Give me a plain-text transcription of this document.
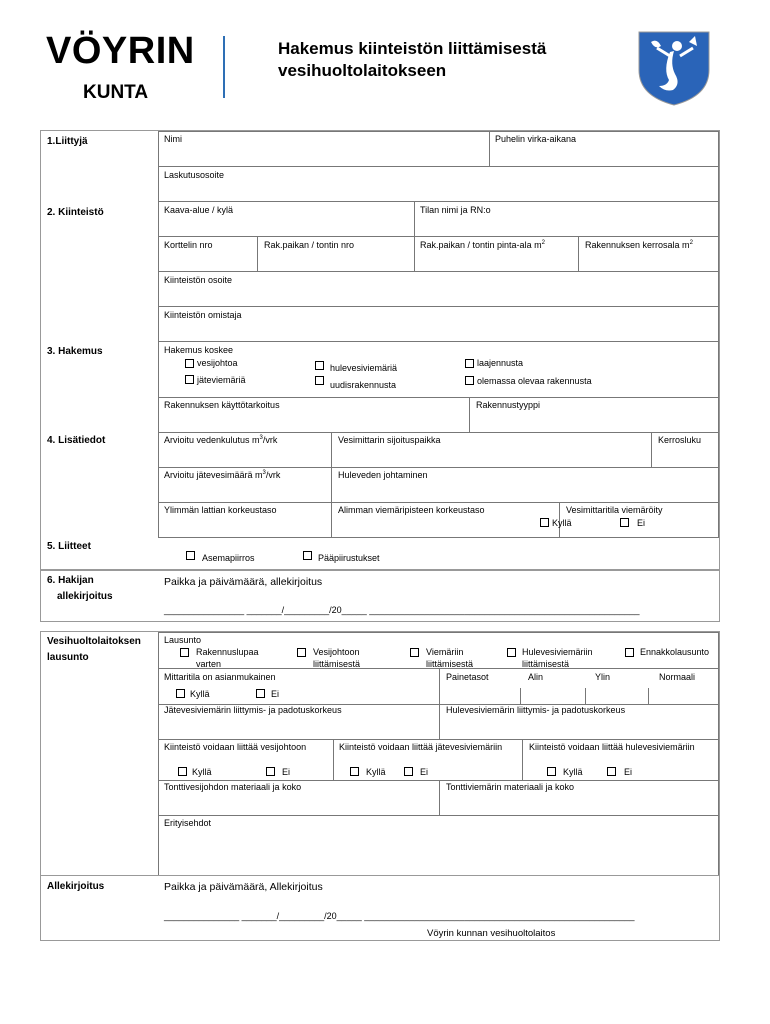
VÖYRIN
KUNTA
Hakemus kiinteistön liittämisestä
vesihuoltolaitokseen
1.Liittyjä	Nimi	Puhelin virka-aikana
Laskutusosoite
2. Kiinteistö	Kaava-alue / kylä	Tilan nimi ja RN:o
Korttelin nro	Rak.paikan / tontin nro	Rak.paikan / tontin pinta-ala $m^2$	Rakennuksen kerrosala $m^2$
Kiinteistön osoite
Kiinteistön omistaja
3. Hakemus	Hakemus koskee
vesijohtoa
jäteviemäriä
hulevesiviemäriä
uudisrakennusta
laajennusta
olemassa olevaa rakennusta
Rakennuksen käyttötarkoitus	Rakennustyyppi
4. Lisätiedot	Arvioitu vedenkulutus $m^3$/vrk	Vesimittarin sijoituspaikka	Kerrosluku
Arvioitu jätevesimäärä $m^3$/vrk	Huleveden johtaminen
Ylimmän lattian korkeustaso	Alimman viemäripisteen korkeustaso	Vesimittaritila viemäröity
Kyllä	Ei
5. Liitteet
Asemapiirros	Pääpiirustukset
6. Hakijan
allekirjoitus
Paikka ja päivämäärä, allekirjoitus
________________ _______/_________/20_____ ______________________________________________________
Vesihuoltolaitoksen
lausunto
Lausunto
Rakennuslupaa
varten
Vesijohtoon
liittämisestä
Viemäriin
liittämisestä
Hulevesiviemäriin
liittämisestä
Ennakkolausunto
Mittaritila on asianmukainen
Kyllä	Ei
Painetasot	Alin	Ylin	Normaali
Jätevesiviemärin liittymis- ja padotuskorkeus	Hulevesiviemärin liittymis- ja padotuskorkeus
Kiinteistö voidaan liittää vesijohtoon
Kyllä	Ei
Kiinteistö voidaan liittää jätevesiviemäriin
Kyllä	Ei
Kiinteistö voidaan liittää hulevesiviemäriin
Kyllä	Ei
Tonttivesijohdon materiaali ja koko	Tonttiviemärin materiaali ja koko
Erityisehdot
Allekirjoitus	Paikka ja päivämäärä, Allekirjoitus
_______________ _______/_________/20_____ ______________________________________________________
Vöyrin kunnan vesihuoltolaitos
